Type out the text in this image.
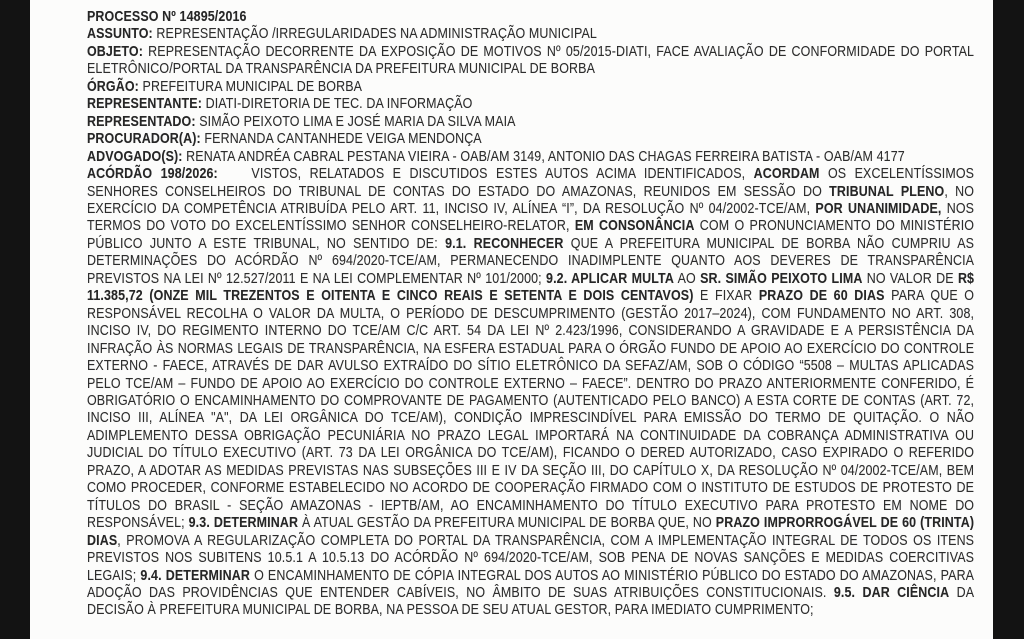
PROCESSO Nº 14895/2016

ASSUNTO: REPRESENTAÇÃO /IRREGULARIDADES NA ADMINISTRAÇÃO MUNICIPAL

OBJETO: REPRESENTAÇÃO DECORRENTE DA EXPOSIÇÃO DE MOTIVOS Nº 05/2015-DIATI, FACE AVALIAÇÃO DE CONFORMIDADE DO PORTAL ELETRÔNICO/PORTAL DA TRANSPARÊNCIA DA PREFEITURA MUNICIPAL DE BORBA

ÓRGÃO: PREFEITURA MUNICIPAL DE BORBA

REPRESENTANTE: DIATI-DIRETORIA DE TEC. DA INFORMAÇÃO

REPRESENTADO: SIMÃO PEIXOTO LIMA E JOSÉ MARIA DA SILVA MAIA

PROCURADOR(A): FERNANDA CANTANHEDE VEIGA MENDONÇA

ADVOGADO(S): RENATA ANDRÉA CABRAL PESTANA VIEIRA - OAB/AM 3149, ANTONIO DAS CHAGAS FERREIRA BATISTA - OAB/AM 4177

ACÓRDÃO 198/2026:    VISTOS, RELATADOS E DISCUTIDOS ESTES AUTOS ACIMA IDENTIFICADOS, ACORDAM OS EXCELENTÍSSIMOS SENHORES CONSELHEIROS DO TRIBUNAL DE CONTAS DO ESTADO DO AMAZONAS, REUNIDOS EM SESSÃO DO TRIBUNAL PLENO, NO EXERCÍCIO DA COMPETÊNCIA ATRIBUÍDA PELO ART. 11, INCISO IV, ALÍNEA “I”, DA RESOLUÇÃO Nº 04/2002-TCE/AM, POR UNANIMIDADE, NOS TERMOS DO VOTO DO EXCELENTÍSSIMO SENHOR CONSELHEIRO-RELATOR, EM CONSONÂNCIA COM O PRONUNCIAMENTO DO MINISTÉRIO PÚBLICO JUNTO A ESTE TRIBUNAL, NO SENTIDO DE: 9.1. RECONHECER QUE A PREFEITURA MUNICIPAL DE BORBA NÃO CUMPRIU AS DETERMINAÇÕES DO ACÓRDÃO Nº 694/2020-TCE/AM, PERMANECENDO INADIMPLENTE QUANTO AOS DEVERES DE TRANSPARÊNCIA PREVISTOS NA LEI Nº 12.527/2011 E NA LEI COMPLEMENTAR Nº 101/2000; 9.2. APLICAR MULTA AO SR. SIMÃO PEIXOTO LIMA NO VALOR DE R$ 11.385,72 (ONZE MIL TREZENTOS E OITENTA E CINCO REAIS E SETENTA E DOIS CENTAVOS) E FIXAR PRAZO DE 60 DIAS PARA QUE O RESPONSÁVEL RECOLHA O VALOR DA MULTA, O PERÍODO DE DESCUMPRIMENTO (GESTÃO 2017–2024), COM FUNDAMENTO NO ART. 308, INCISO IV, DO REGIMENTO INTERNO DO TCE/AM C/C ART. 54 DA LEI Nº 2.423/1996, CONSIDERANDO A GRAVIDADE E A PERSISTÊNCIA DA INFRAÇÃO ÀS NORMAS LEGAIS DE TRANSPARÊNCIA, NA ESFERA ESTADUAL PARA O ÓRGÃO FUNDO DE APOIO AO EXERCÍCIO DO CONTROLE EXTERNO - FAECE, ATRAVÉS DE DAR AVULSO EXTRAÍDO DO SÍTIO ELETRÔNICO DA SEFAZ/AM, SOB O CÓDIGO “5508 – MULTAS APLICADAS PELO TCE/AM – FUNDO DE APOIO AO EXERCÍCIO DO CONTROLE EXTERNO – FAECE”. DENTRO DO PRAZO ANTERIORMENTE CONFERIDO, É OBRIGATÓRIO O ENCAMINHAMENTO DO COMPROVANTE DE PAGAMENTO (AUTENTICADO PELO BANCO) A ESTA CORTE DE CONTAS (ART. 72, INCISO III, ALÍNEA "A", DA LEI ORGÂNICA DO TCE/AM), CONDIÇÃO IMPRESCINDÍVEL PARA EMISSÃO DO TERMO DE QUITAÇÃO. O NÃO ADIMPLEMENTO DESSA OBRIGAÇÃO PECUNIÁRIA NO PRAZO LEGAL IMPORTARÁ NA CONTINUIDADE DA COBRANÇA ADMINISTRATIVA OU JUDICIAL DO TÍTULO EXECUTIVO (ART. 73 DA LEI ORGÂNICA DO TCE/AM), FICANDO O DERED AUTORIZADO, CASO EXPIRADO O REFERIDO PRAZO, A ADOTAR AS MEDIDAS PREVISTAS NAS SUBSEÇÕES III E IV DA SEÇÃO III, DO CAPÍTULO X, DA RESOLUÇÃO Nº 04/2002-TCE/AM, BEM COMO PROCEDER, CONFORME ESTABELECIDO NO ACORDO DE COOPERAÇÃO FIRMADO COM O INSTITUTO DE ESTUDOS DE PROTESTO DE TÍTULOS DO BRASIL - SEÇÃO AMAZONAS - IEPTB/AM, AO ENCAMINHAMENTO DO TÍTULO EXECUTIVO PARA PROTESTO EM NOME DO RESPONSÁVEL; 9.3. DETERMINAR À ATUAL GESTÃO DA PREFEITURA MUNICIPAL DE BORBA QUE, NO PRAZO IMPRORROGÁVEL DE 60 (TRINTA) DIAS, PROMOVA A REGULARIZAÇÃO COMPLETA DO PORTAL DA TRANSPARÊNCIA, COM A IMPLEMENTAÇÃO INTEGRAL DE TODOS OS ITENS PREVISTOS NOS SUBITENS 10.5.1 A 10.5.13 DO ACÓRDÃO Nº 694/2020-TCE/AM, SOB PENA DE NOVAS SANÇÕES E MEDIDAS COERCITIVAS LEGAIS; 9.4. DETERMINAR O ENCAMINHAMENTO DE CÓPIA INTEGRAL DOS AUTOS AO MINISTÉRIO PÚBLICO DO ESTADO DO AMAZONAS, PARA ADOÇÃO DAS PROVIDÊNCIAS QUE ENTENDER CABÍVEIS, NO ÂMBITO DE SUAS ATRIBUIÇÕES CONSTITUCIONAIS. 9.5. DAR CIÊNCIA DA DECISÃO À PREFEITURA MUNICIPAL DE BORBA, NA PESSOA DE SEU ATUAL GESTOR, PARA IMEDIATO CUMPRIMENTO;
